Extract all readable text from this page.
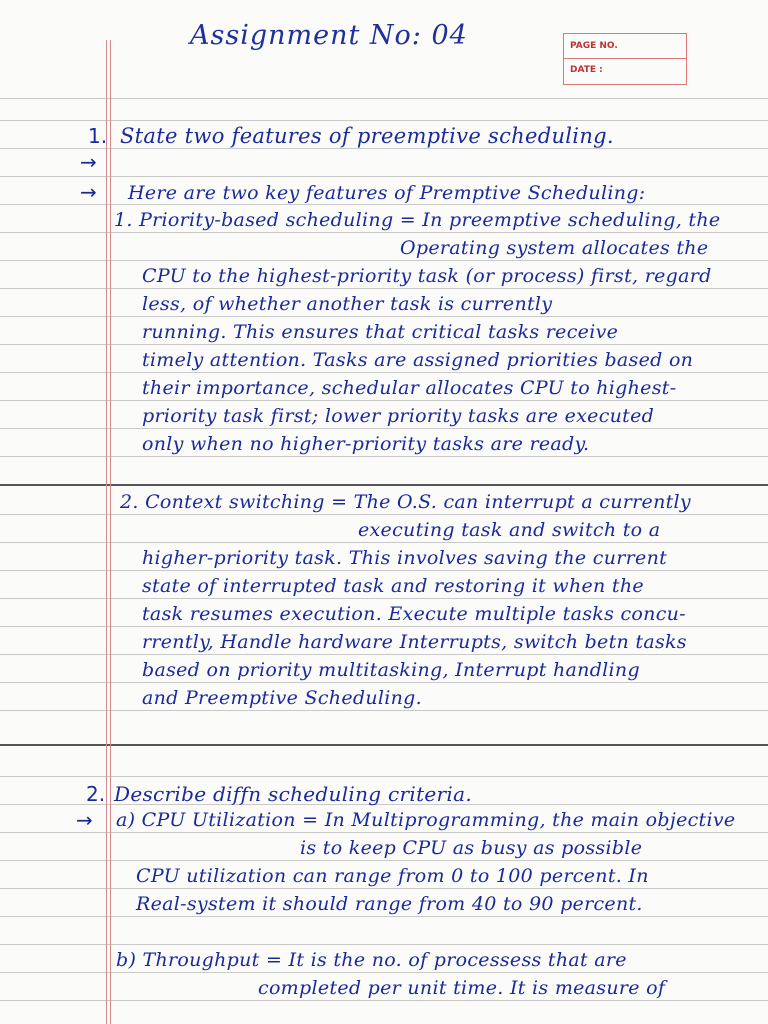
Assignment No: 04	PAGE NO.
DATE :
1. State two features of preemptive scheduling.
→
→ Here are two key features of Premptive Scheduling:
1. Priority-based scheduling = In preemptive scheduling, the
Operating system allocates the
CPU to the highest-priority task (or process) first, regard
less, of whether another task is currently
running. This ensures that critical tasks receive
timely attention. Tasks are assigned priorities based on
their importance, schedular allocates CPU to highest-
priority task first; lower priority tasks are executed
only when no higher-priority tasks are ready.
2. Context switching = The O.S. can interrupt a currently
executing task and switch to a
higher-priority task. This involves saving the current
state of interrupted task and restoring it when the
task resumes execution. Execute multiple tasks concu-
rrently, Handle hardware Interrupts, switch betn tasks
based on priority multitasking, Interrupt handling
and Preemptive Scheduling.
2. Describe diffn scheduling criteria.
→ a) CPU Utilization = In Multiprogramming, the main objective
is to keep CPU as busy as possible
CPU utilization can range from 0 to 100 percent. In
Real-system it should range from 40 to 90 percent.
b) Throughput = It is the no. of processess that are
completed per unit time. It is measure of
